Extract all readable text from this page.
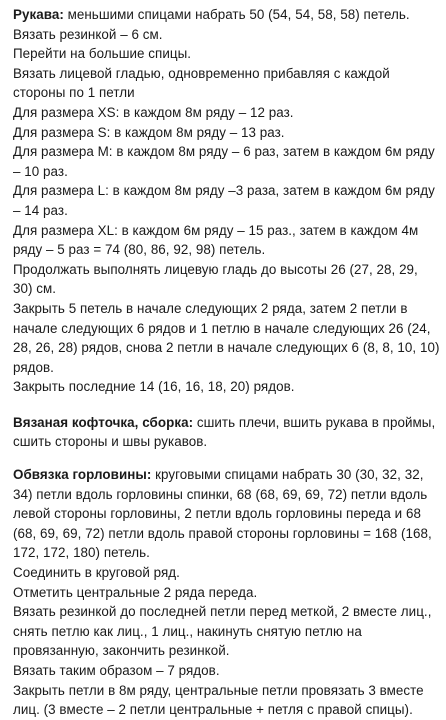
Рукава: меньшими спицами набрать 50 (54, 54, 58, 58) петель.

Вязать резинкой – 6 см.

Перейти на большие спицы.

Вязать лицевой гладью, одновременно прибавляя с каждой стороны по 1 петли

Для размера XS: в каждом 8м ряду – 12 раз.

Для размера S: в каждом 8м ряду – 13 раз.

Для размера M: в каждом 8м ряду – 6 раз, затем в каждом 6м ряду – 10 раз.

Для размера L: в каждом 8м ряду –3 раза, затем в каждом 6м ряду – 14 раз.

Для размера XL: в каждом 6м ряду – 15 раз., затем в каждом 4м ряду – 5 раз = 74 (80, 86, 92, 98) петель.

Продолжать выполнять лицевую гладь до высоты 26 (27, 28, 29, 30) см.

Закрыть 5 петель в начале следующих 2 ряда, затем 2 петли в начале следующих 6 рядов и 1 петлю в начале следующих 26 (24, 28, 26, 28) рядов, снова 2 петли в начале следующих 6 (8, 8, 10, 10) рядов.

Закрыть последние 14 (16, 16, 18, 20) рядов.

Вязаная кофточка, сборка: сшить плечи, вшить рукава в проймы, сшить стороны и швы рукавов.

Обвязка горловины: круговыми спицами набрать 30 (30, 32, 32, 34) петли вдоль горловины спинки, 68 (68, 69, 69, 72) петли вдоль левой стороны горловины, 2 петли вдоль горловины переда и 68 (68, 69, 69, 72) петли вдоль правой стороны горловины = 168 (168, 172, 172, 180) петель.

Соединить в круговой ряд.

Отметить центральные 2 ряда переда.

Вязать резинкой до последней петли перед меткой, 2 вместе лиц., снять петлю как лиц., 1 лиц., накинуть снятую петлю на провязанную, закончить резинкой.

Вязать таким образом – 7 рядов.

Закрыть петли в 8м ряду, центральные петли провязать 3 вместе лиц. (3 вместе – 2 петли центральные + петля с правой спицы).
